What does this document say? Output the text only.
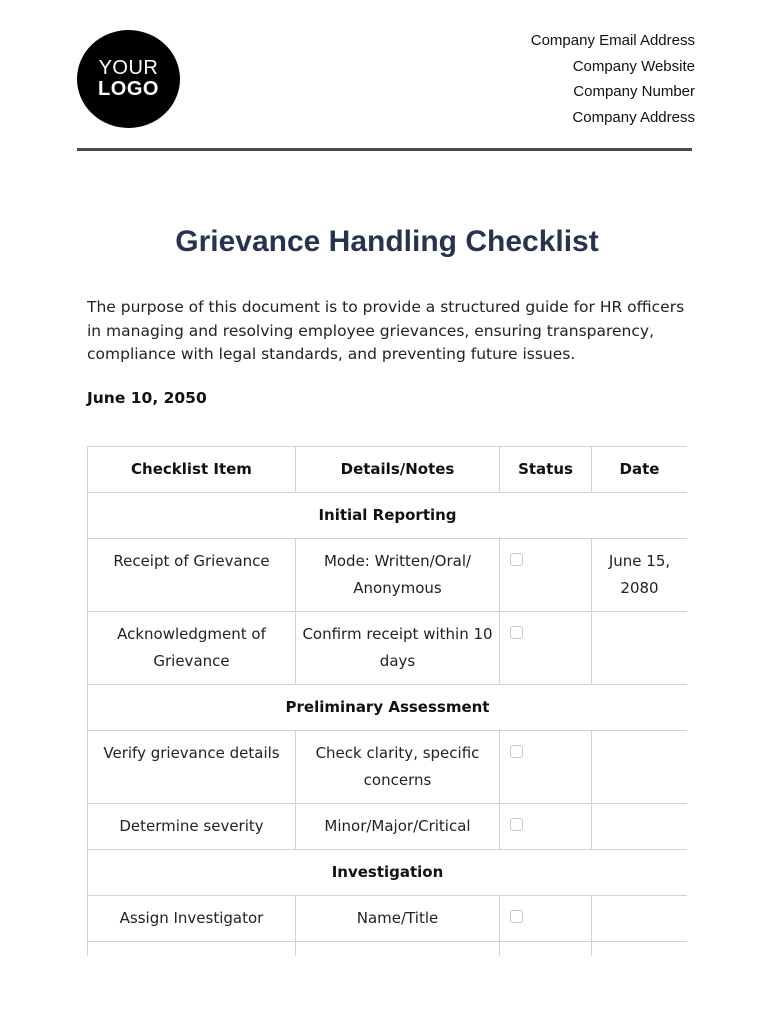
YOUR
LOGO
Company Email Address
Company Website
Company Number
Company Address
Grievance Handling Checklist

The purpose of this document is to provide a structured guide for HR officers in managing and resolving employee grievances, ensuring transparency, compliance with legal standards, and preventing future issues.

June 10, 2050
Checklist Item	Details/Notes	Status	Date
Initial Reporting			
Receipt of Grievance	Mode: Written/Oral/ Anonymous		June 15, 2080
Acknowledgment of Grievance	Confirm receipt within 10 days		
Preliminary Assessment			
Verify grievance details	Check clarity, specific concerns		
Determine severity	Minor/Major/Critical		
Investigation			
Assign Investigator	Name/Title		
